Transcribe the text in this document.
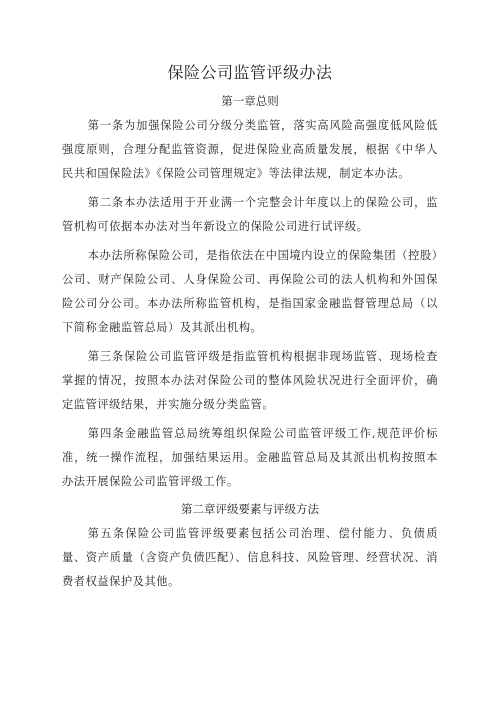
保险公司监管评级办法
第一章总则

第一条为加强保险公司分级分类监管，落实高风险高强度低风险低强度原则，合理分配监管资源，促进保险业高质量发展，根据《中华人民共和国保险法》《保险公司管理规定》等法律法规，制定本办法。

第二条本办法适用于开业满一个完整会计年度以上的保险公司，监管机构可依据本办法对当年新设立的保险公司进行试评级。

本办法所称保险公司，是指依法在中国境内设立的保险集团（控股）公司、财产保险公司、人身保险公司、再保险公司的法人机构和外国保险公司分公司。本办法所称监管机构，是指国家金融监督管理总局（以下简称金融监管总局）及其派出机构。

第三条保险公司监管评级是指监管机构根据非现场监管、现场检查掌握的情况，按照本办法对保险公司的整体风险状况进行全面评价，确定监管评级结果，并实施分级分类监管。

第四条金融监管总局统筹组织保险公司监管评级工作,规范评价标准，统一操作流程，加强结果运用。金融监管总局及其派出机构按照本办法开展保险公司监管评级工作。

第二章评级要素与评级方法

第五条保险公司监管评级要素包括公司治理、偿付能力、负债质量、资产质量（含资产负债匹配）、信息科技、风险管理、经营状况、消费者权益保护及其他。
